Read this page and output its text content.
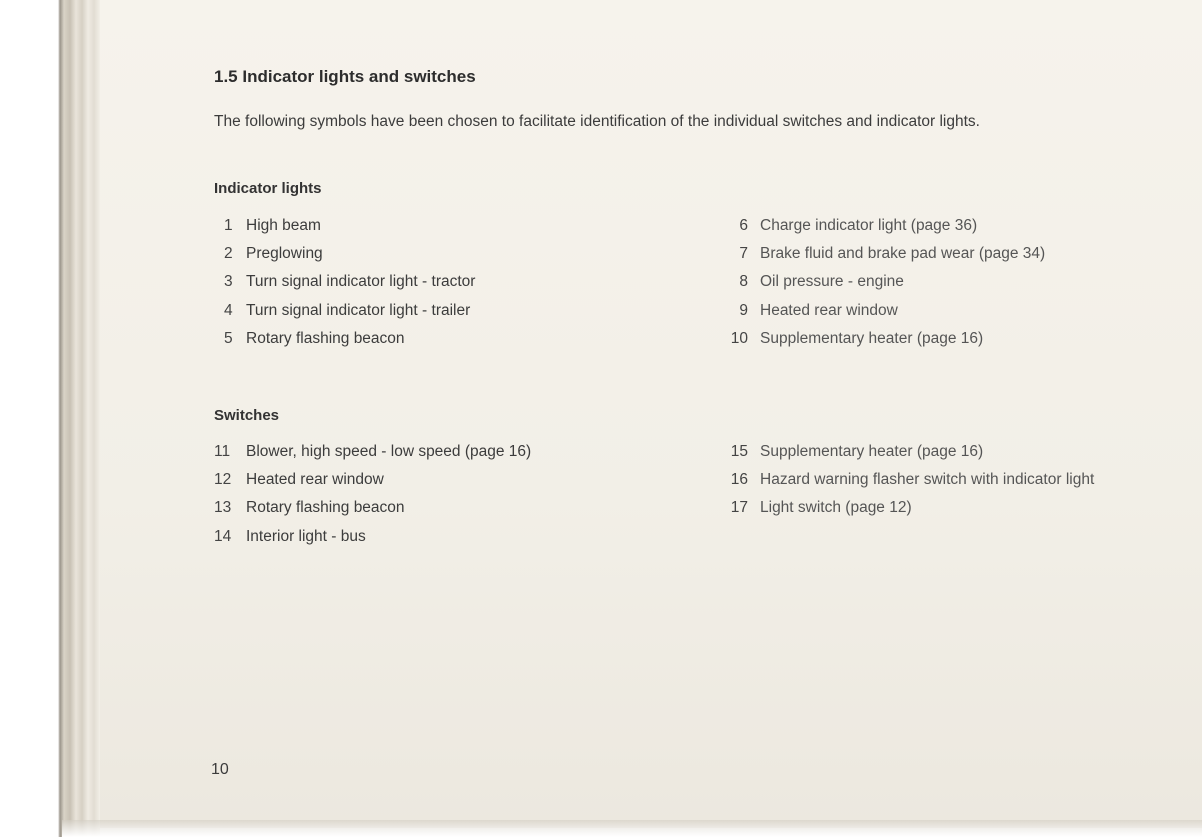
1.5 Indicator lights and switches
The following symbols have been chosen to facilitate identification of the individual switches and indicator lights.
Indicator lights
1 High beam
2 Preglowing
3 Turn signal indicator light - tractor
4 Turn signal indicator light - trailer
5 Rotary flashing beacon
6 Charge indicator light (page 36)
7 Brake fluid and brake pad wear (page 34)
8 Oil pressure - engine
9 Heated rear window
10 Supplementary heater (page 16)
Switches
11	Blower, high speed - low speed (page 16)
12 Heated rear window
13 Rotary flashing beacon
14 Interior light - bus
15 Supplementary heater (page 16)
16 Hazard warning flasher switch with indicator light
17 Light switch (page 12)
10
